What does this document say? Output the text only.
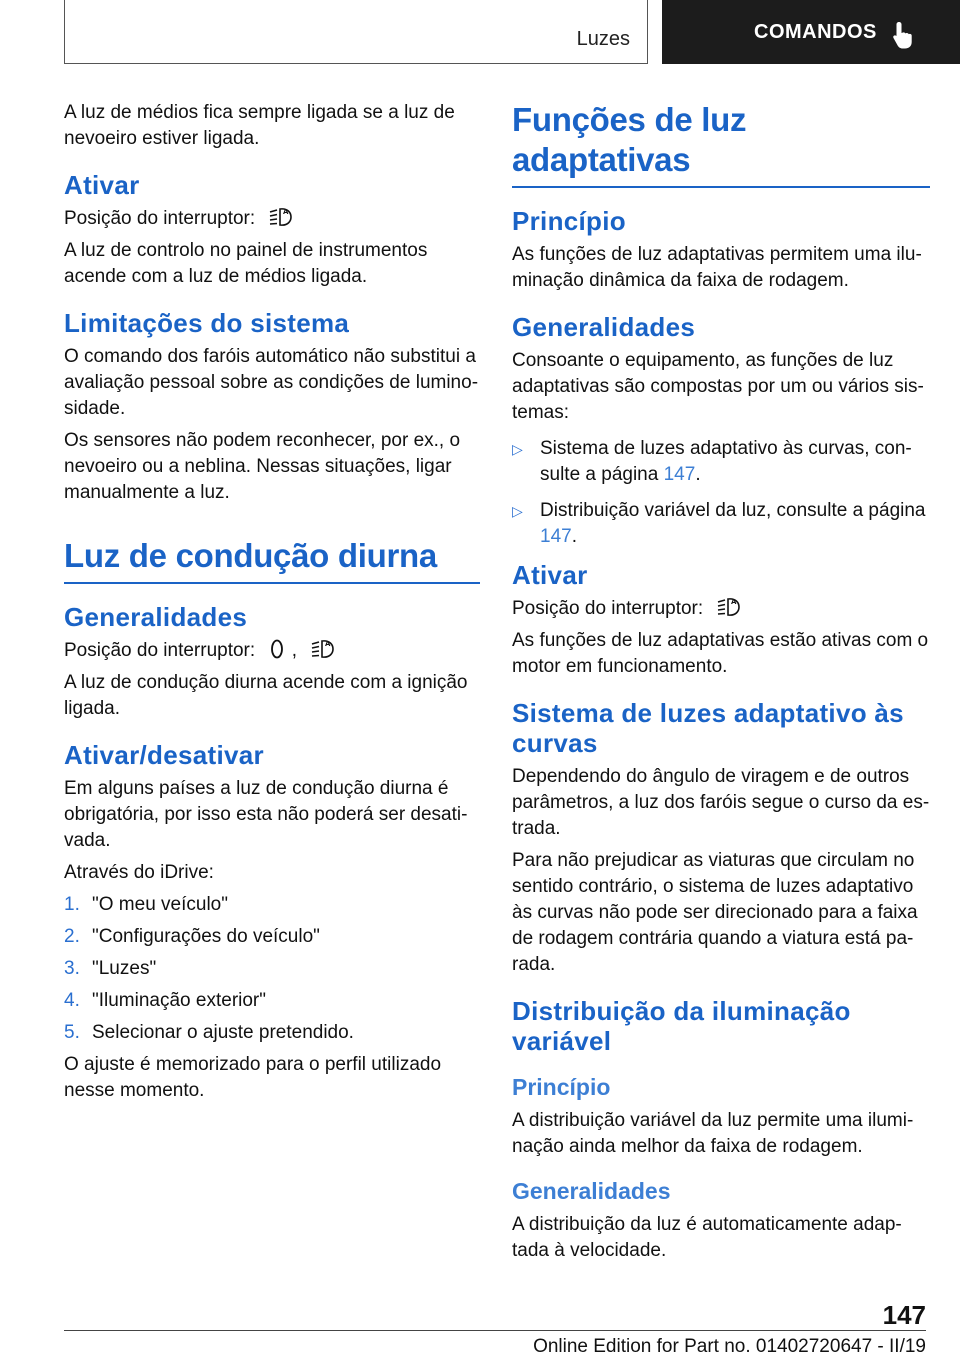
Luzes	COMANDOS

A luz de médios fica sempre ligada se a luz de nevoeiro estiver ligada.

Ativar

Posição do interruptor:	A

A luz de controlo no painel de instrumentos acende com a luz de médios ligada.

Limitações do sistema

O comando dos faróis automático não substitui a avaliação pessoal sobre as condições de luminosidade.

Os sensores não podem reconhecer, por ex., o nevoeiro ou a neblina. Nessas situações, ligar manualmente a luz.

Luz de condução diurna
Generalidades

Posição do interruptor: ,	A

A luz de condução diurna acende com a ignição ligada.

Ativar/desativar

Em alguns países a luz de condução diurna é obrigatória, por isso esta não poderá ser desativada.

Através do iDrive:

1. "O meu veículo"
2. "Configurações do veículo"
3. "Luzes"
4. "Iluminação exterior"
5. Selecionar o ajuste pretendido.

O ajuste é memorizado para o perfil utilizado nesse momento.

Funções de luz adaptativas
Princípio

As funções de luz adaptativas permitem uma iluminação dinâmica da faixa de rodagem.

Generalidades

Consoante o equipamento, as funções de luz adaptativas são compostas por um ou vários sistemas:

▷ Sistema de luzes adaptativo às curvas, consulte a página 147.
▷ Distribuição variável da luz, consulte a página 147.
Ativar

Posição do interruptor:	A

As funções de luz adaptativas estão ativas com o motor em funcionamento.

Sistema de luzes adaptativo às curvas

Dependendo do ângulo de viragem e de outros parâmetros, a luz dos faróis segue o curso da estrada.

Para não prejudicar as viaturas que circulam no sentido contrário, o sistema de luzes adaptativo às curvas não pode ser direcionado para a faixa de rodagem contrária quando a viatura está parada.

Distribuição da iluminação variável
Princípio

A distribuição variável da luz permite uma iluminação ainda melhor da faixa de rodagem.

Generalidades

A distribuição da luz é automaticamente adaptada à velocidade.

147
Online Edition for Part no. 01402720647 - II/19
